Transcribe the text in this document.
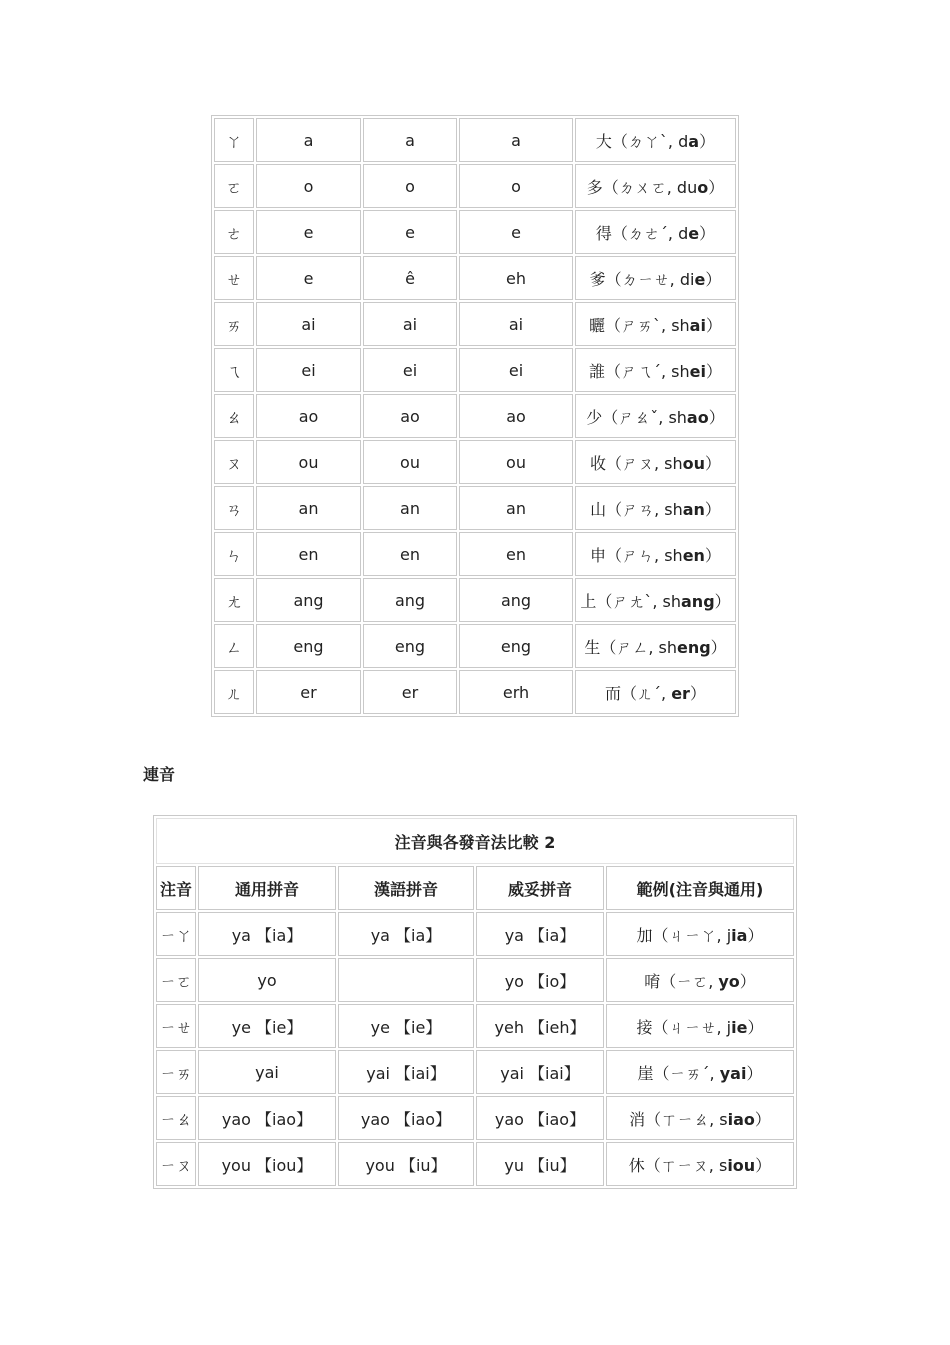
ㄚ	a	a	a	大（ㄉㄚˋ, da）
ㄛ	o	o	o	多（ㄉㄨㄛ, duo）
ㄜ	e	e	e	得（ㄉㄜˊ, de）
ㄝ	e	ê	eh	爹（ㄉㄧㄝ, die）
ㄞ	ai	ai	ai	曬（ㄕㄞˋ, shai）
ㄟ	ei	ei	ei	誰（ㄕㄟˊ, shei）
ㄠ	ao	ao	ao	少（ㄕㄠˇ, shao）
ㄡ	ou	ou	ou	收（ㄕㄡ, shou）
ㄢ	an	an	an	山（ㄕㄢ, shan）
ㄣ	en	en	en	申（ㄕㄣ, shen）
ㄤ	ang	ang	ang	上（ㄕㄤˋ, shang）
ㄥ	eng	eng	eng	生（ㄕㄥ, sheng）
ㄦ	er	er	erh	而（ㄦˊ, er）
連音
注音與各發音法比較 2				
注音	通用拼音	漢語拼音	威妥拼音	範例(注音與通用)
ㄧㄚ	ya 【ia】	ya 【ia】	ya 【ia】	加（ㄐㄧㄚ, jia）
ㄧㄛ	yo		yo 【io】	唷（ㄧㄛ, yo）
ㄧㄝ	ye 【ie】	ye 【ie】	yeh 【ieh】	接（ㄐㄧㄝ, jie）
ㄧㄞ	yai	yai 【iai】	yai 【iai】	崖（ㄧㄞˊ, yai）
ㄧㄠ	yao 【iao】	yao 【iao】	yao 【iao】	消（ㄒㄧㄠ, siao）
ㄧㄡ	you 【iou】	you 【iu】	yu 【iu】	休（ㄒㄧㄡ, siou）
